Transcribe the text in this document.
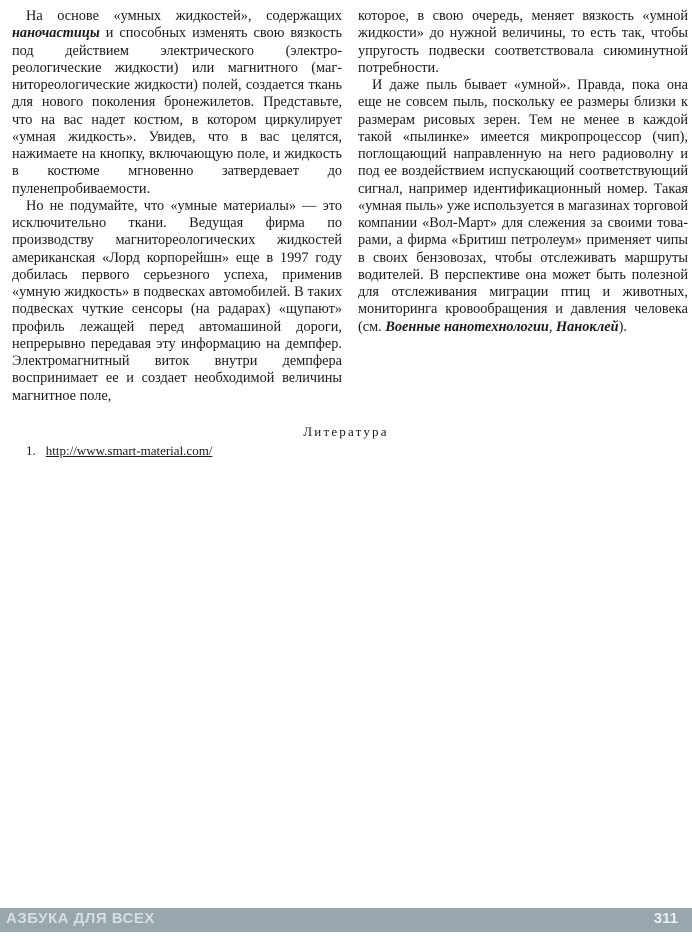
На основе «умных жидкостей», содержащих наночастицы и способных изменять свою вязкость под действием электрического (электрореологические жидкости) или магнитного (магнитореологические жидкости) полей, создается ткань для нового поколения бронежилетов. Представьте, что на вас надет костюм, в котором циркулирует «умная жидкость». Увидев, что в вас целятся, нажимаете на кнопку, включающую поле, и жидкость в костюме мгновенно затвердевает до пуленепробиваемости.

Но не подумайте, что «умные материалы» — это исключительно ткани. Ведущая фирма по производству магнитореологических жидкостей американская «Лорд корпорейшн» еще в 1997 году добилась первого серьезного успеха, применив «умную жидкость» в подвесках автомобилей. В таких подвесках чуткие сенсоры (на радарах) «щупают» профиль лежащей перед автомашиной дороги, непрерывно передавая эту информацию на демпфер. Электромагнитный виток внутри демпфера воспринимает ее и создает необходимой величины магнитное поле,

которое, в свою очередь, меняет вязкость «умной жидкости» до нужной величины, то есть так, чтобы упругость подвески соответствовала сиюминутной потребности.

И даже пыль бывает «умной». Правда, пока она еще не совсем пыль, поскольку ее размеры близки к размерам рисовых зерен. Тем не менее в каждой такой «пылинке» имеется микропроцессор (чип), поглощающий направленную на него радиоволну и под ее воздействием испускающий соответствующий сигнал, например идентификационный номер. Такая «умная пыль» уже используется в магазинах торговой компании «Вол-Март» для слежения за своими товарами, а фирма «Бритиш петролеум» применяет чипы в своих бензовозах, чтобы отслеживать маршруты водителей. В перспективе она может быть полезной для отслеживания миграции птиц и животных, мониторинга кровообращения и давления человека (см. Военные нанотехнологии, Наноклей).

Литература
1. http://www.smart-material.com/
АЗБУКА ДЛЯ ВСЕХ	311
